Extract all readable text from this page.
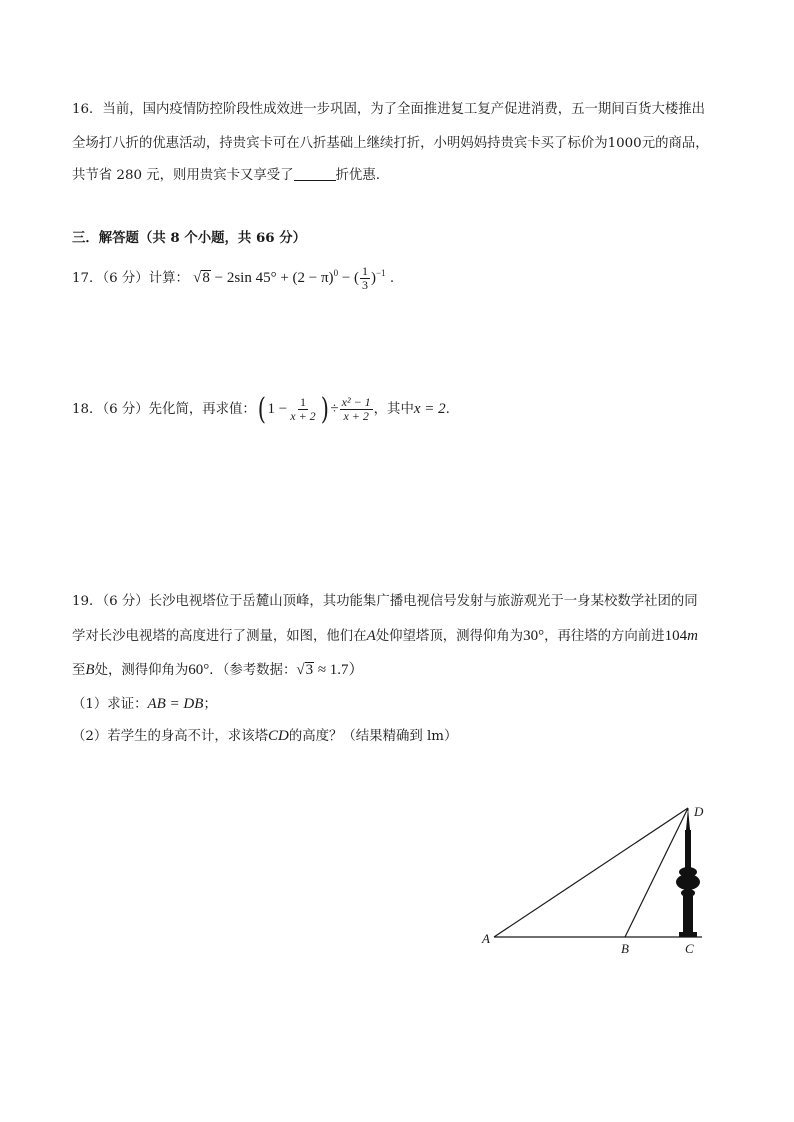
16．当前，国内疫情防控阶段性成效进一步巩固，为了全面推进复工复产促进消费，五一期间百货大楼推出
全场打八折的优惠活动，持贵宾卡可在八折基础上继续打折，小明妈妈持贵宾卡买了标价为1000元的商品，
共节省 280 元，则用贵宾卡又享受了	折优惠.
三．解答题（共 8 个小题，共 66 分）
17．（6 分）计算： √8 − 2sin $45^\circ + (2 - \pi)^0$ − ( $\frac{1}{3} )^{-1}$ .
18．（6 分）先化简，再求值：( $1 - \frac{1}{x + 2}$ ) ÷ $\frac{\text{x² − 1}}{x + 2}$ ，其中x = 2.
19．（6 分）长沙电视塔位于岳麓山顶峰，其功能集广播电视信号发射与旅游观光于一身某校数学社团的同
学对长沙电视塔的高度进行了测量，如图，他们在A处仰望塔顶，测得仰角为30°，再往塔的方向前进104m
至B处，测得仰角为60°．（参考数据：√3 ≈ 1.7）
（1）求证：AB = DB；
（2）若学生的身高不计，求该塔CD的高度？（结果精确到 lm）
A
B	C
D
